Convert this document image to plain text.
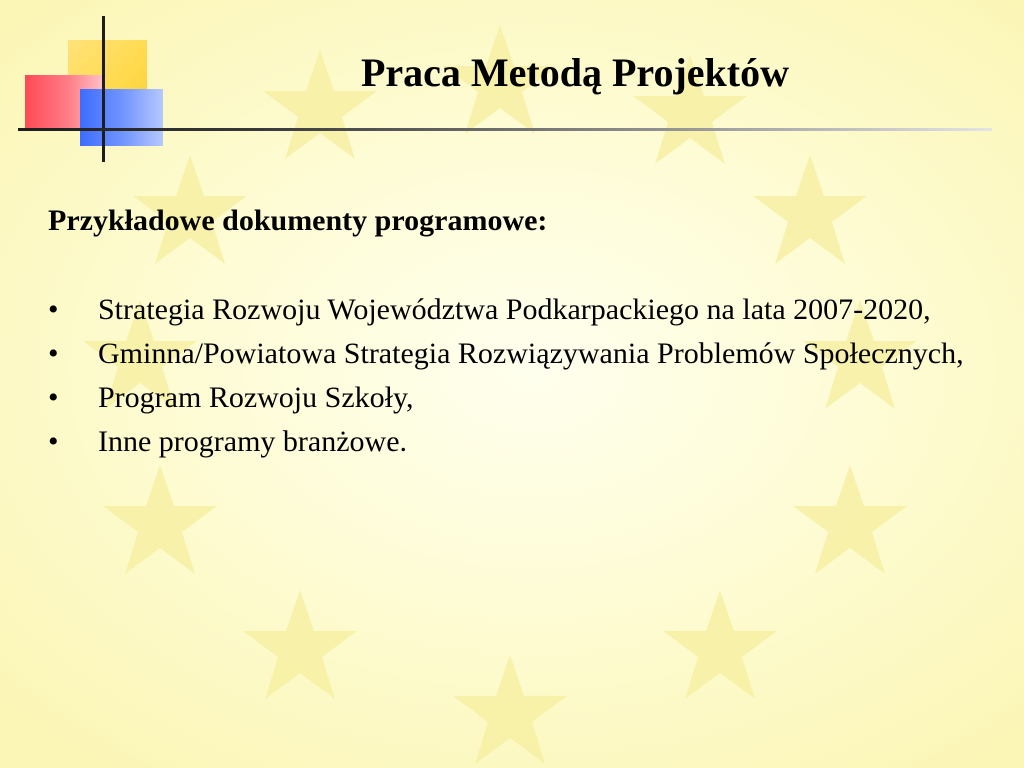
Praca Metodą Projektów
Przykładowe dokumenty programowe:
• Strategia Rozwoju Województwa Podkarpackiego na lata 2007-2020,
• Gminna/Powiatowa Strategia Rozwiązywania Problemów Społecznych,
• Program Rozwoju Szkoły,
• Inne programy branżowe.
